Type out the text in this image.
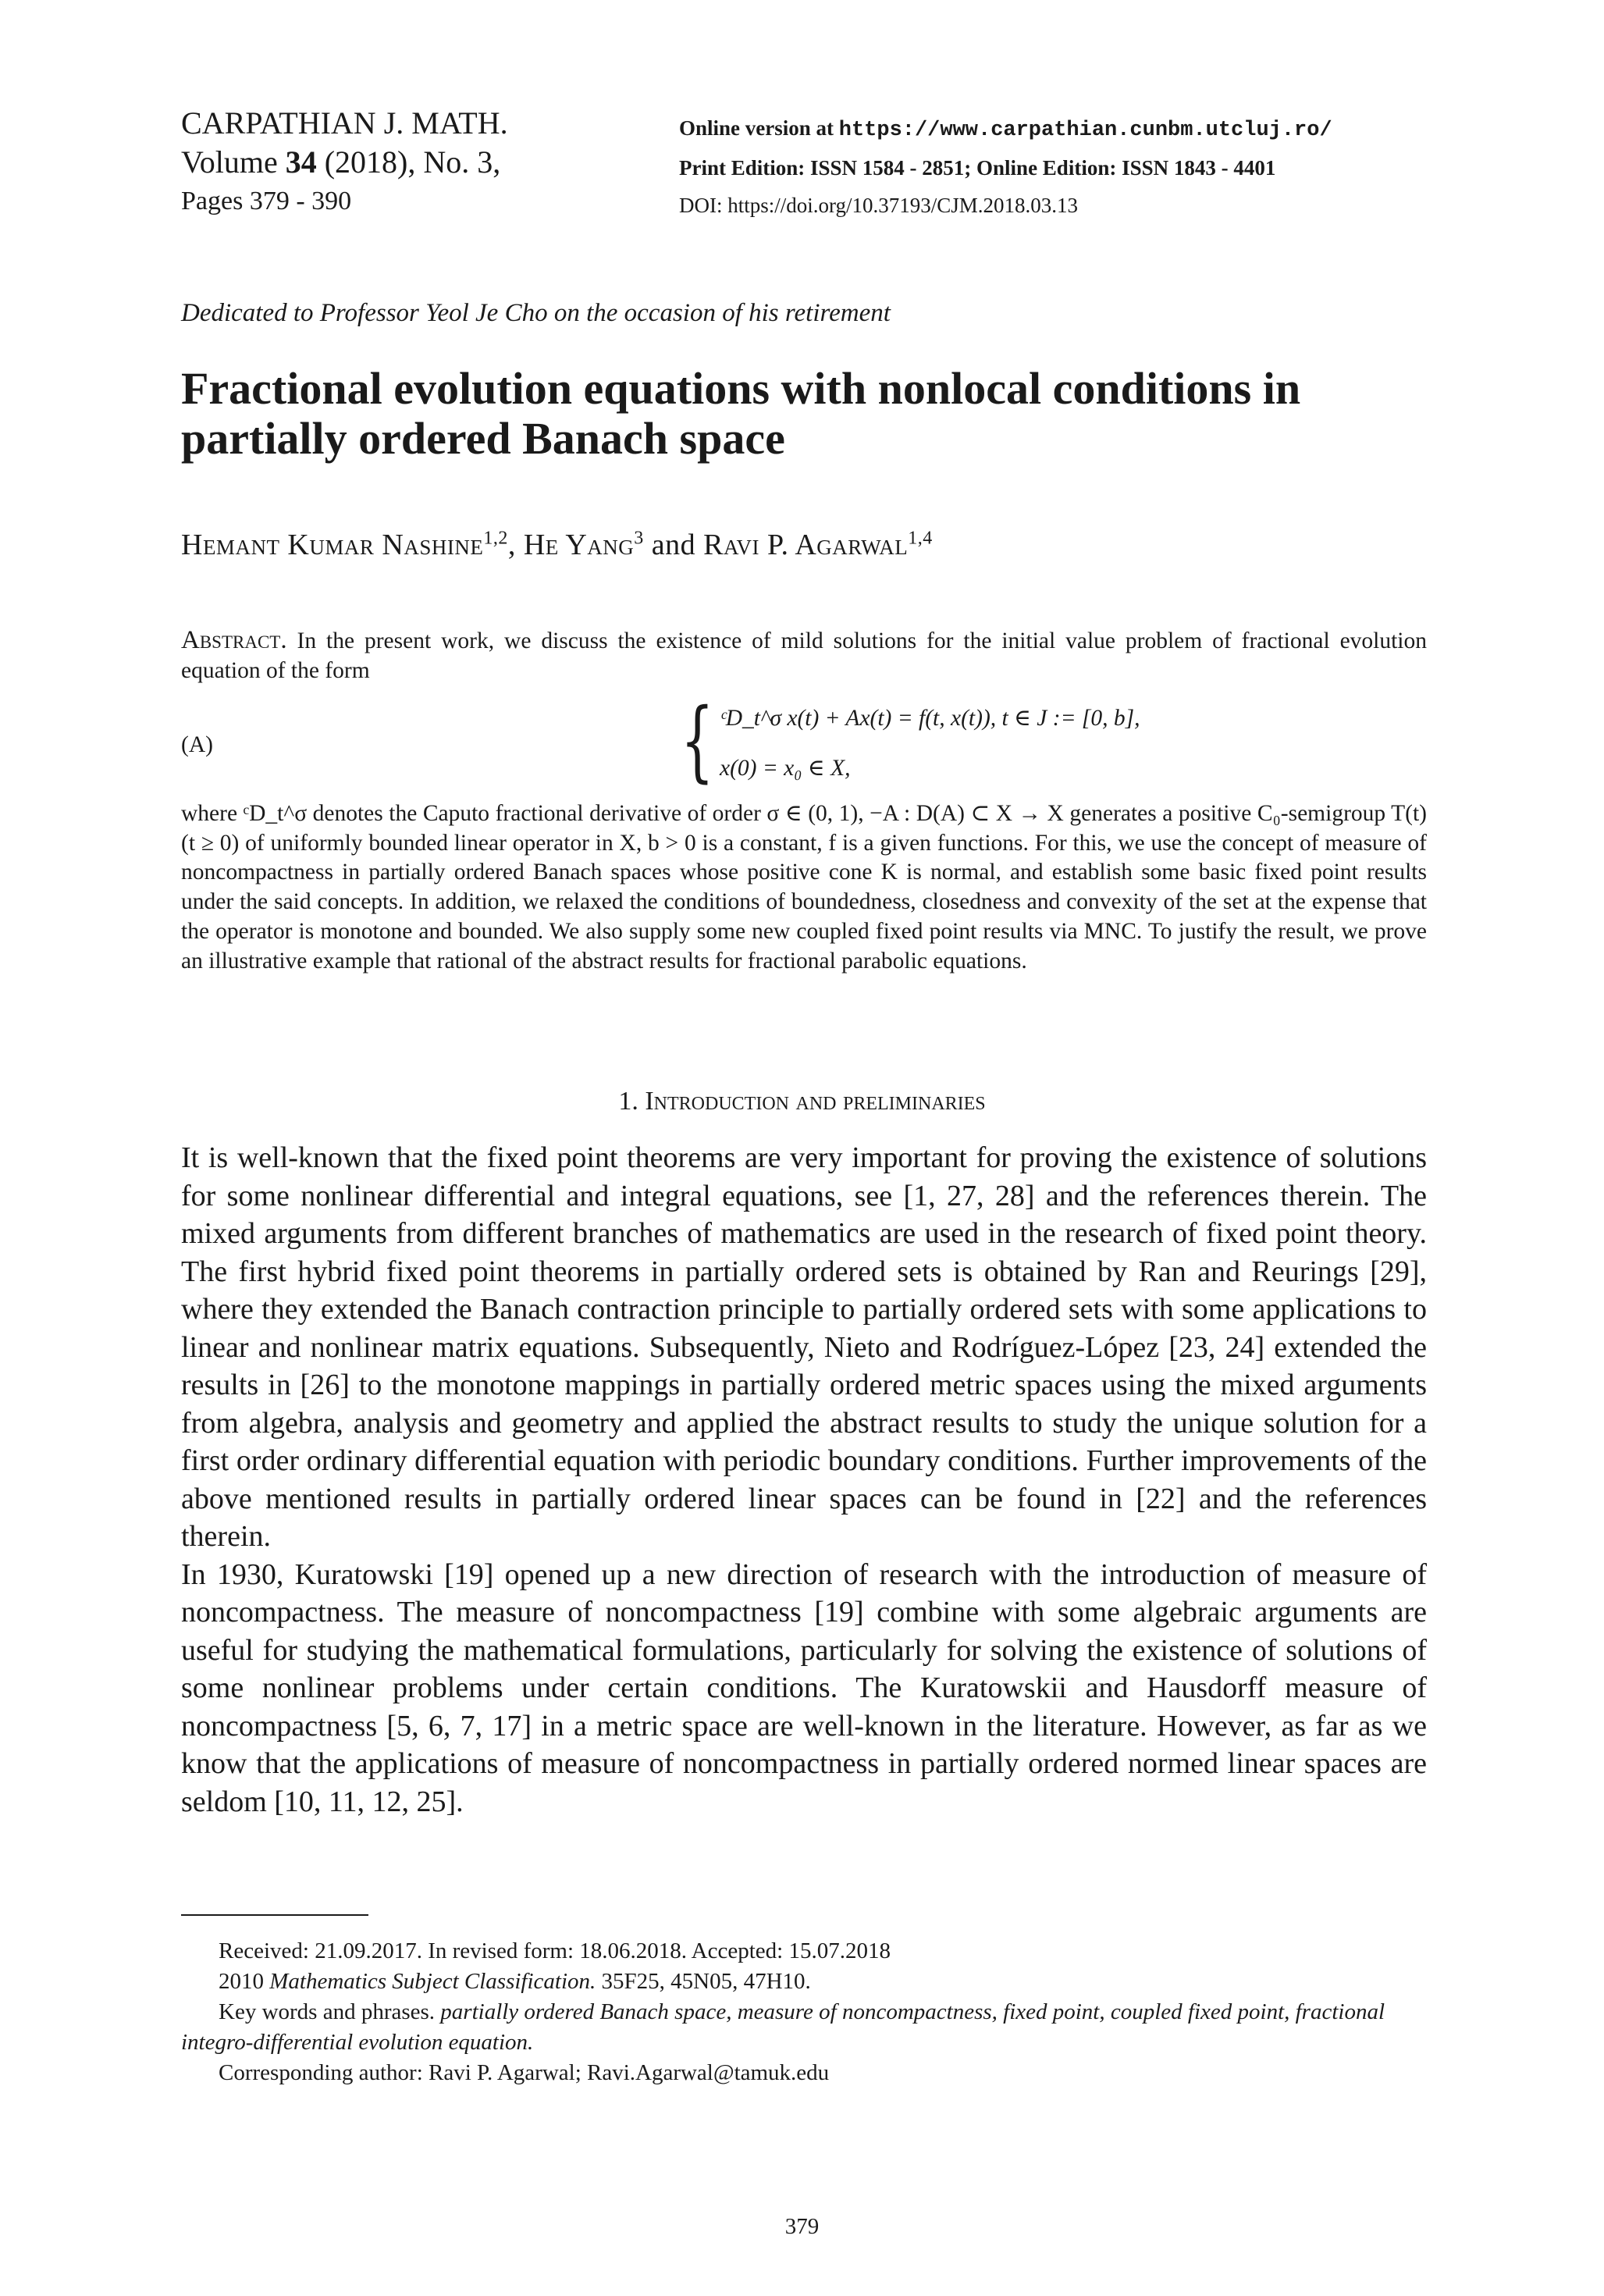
CARPATHIAN J. MATH.
Volume 34 (2018), No. 3,
Pages 379 - 390
Online version at https://www.carpathian.cunbm.utcluj.ro/
Print Edition: ISSN 1584 - 2851; Online Edition: ISSN 1843 - 4401
DOI: https://doi.org/10.37193/CJM.2018.03.13
Dedicated to Professor Yeol Je Cho on the occasion of his retirement
Fractional evolution equations with nonlocal conditions in partially ordered Banach space
Hemant Kumar Nashine$^{1,2}$, He Yang$^3$ and Ravi P. Agarwal$^{1,4}$
Abstract. In the present work, we discuss the existence of mild solutions for the initial value problem of fractional evolution equation of the form
(A)	{ ᶜD_t^σ x(t) + Ax(t) = f(t, x(t)), t ∈ J := [0, b],
x(0) = x₀ ∈ X,
where ᶜD_t^σ denotes the Caputo fractional derivative of order σ ∈ (0, 1), −A : D(A) ⊂ X → X generates a positive C₀-semigroup T(t)(t ≥ 0) of uniformly bounded linear operator in X, b > 0 is a constant, f is a given functions. For this, we use the concept of measure of noncompactness in partially ordered Banach spaces whose positive cone K is normal, and establish some basic fixed point results under the said concepts. In addition, we relaxed the conditions of boundedness, closedness and convexity of the set at the expense that the operator is monotone and bounded. We also supply some new coupled fixed point results via MNC. To justify the result, we prove an illustrative example that rational of the abstract results for fractional parabolic equations.
1. Introduction and preliminaries

It is well-known that the fixed point theorems are very important for proving the existence of solutions for some nonlinear differential and integral equations, see [1, 27, 28] and the references therein. The mixed arguments from different branches of mathematics are used in the research of fixed point theory. The first hybrid fixed point theorems in partially ordered sets is obtained by Ran and Reurings [29], where they extended the Banach contraction principle to partially ordered sets with some applications to linear and nonlinear matrix equations. Subsequently, Nieto and Rodríguez-López [23, 24] extended the results in [26] to the monotone mappings in partially ordered metric spaces using the mixed arguments from algebra, analysis and geometry and applied the abstract results to study the unique solution for a first order ordinary differential equation with periodic boundary conditions. Further improvements of the above mentioned results in partially ordered linear spaces can be found in [22] and the references therein.

In 1930, Kuratowski [19] opened up a new direction of research with the introduction of measure of noncompactness. The measure of noncompactness [19] combine with some algebraic arguments are useful for studying the mathematical formulations, particularly for solving the existence of solutions of some nonlinear problems under certain conditions. The Kuratowskii and Hausdorff measure of noncompactness [5, 6, 7, 17] in a metric space are well-known in the literature. However, as far as we know that the applications of measure of noncompactness in partially ordered normed linear spaces are seldom [10, 11, 12, 25].

Received: 21.09.2017. In revised form: 18.06.2018. Accepted: 15.07.2018

2010 Mathematics Subject Classification. 35F25, 45N05, 47H10.

Key words and phrases. partially ordered Banach space, measure of noncompactness, fixed point, coupled fixed point, fractional integro-differential evolution equation.

Corresponding author: Ravi P. Agarwal; Ravi.Agarwal@tamuk.edu

379
